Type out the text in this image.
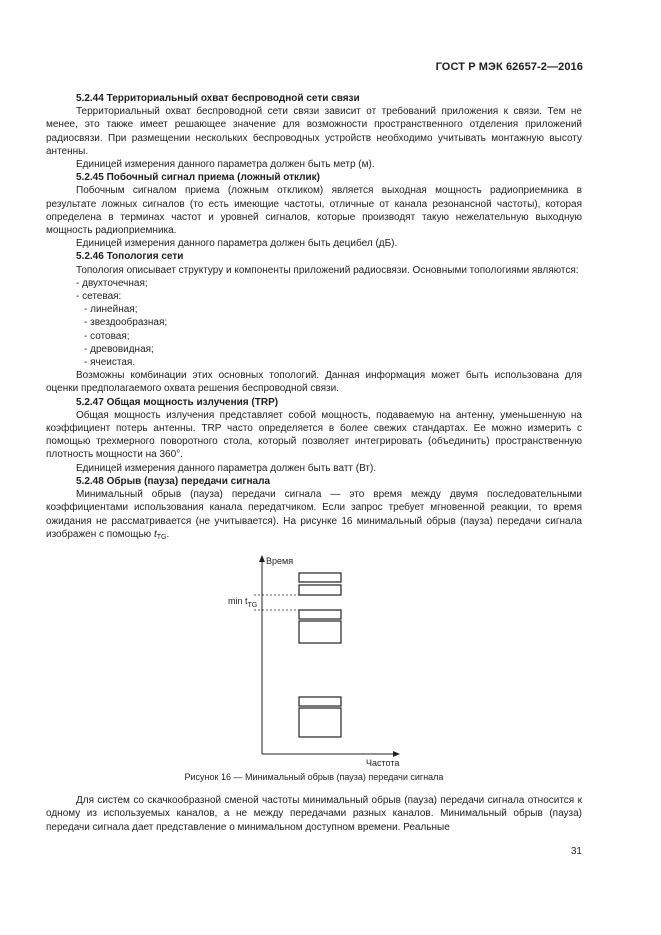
ГОСТ Р МЭК 62657-2—2016

5.2.44 Территориальный охват беспроводной сети связи

Территориальный охват беспроводной сети связи зависит от требований приложения к связи. Тем не менее, это также имеет решающее значение для возможности пространственного отделения приложений радиосвязи. При размещении нескольких беспроводных устройств необходимо учитывать монтажную высоту антенны.

Единицей измерения данного параметра должен быть метр (м).

5.2.45 Побочный сигнал приема (ложный отклик)

Побочным сигналом приема (ложным откликом) является выходная мощность радиоприемника в результате ложных сигналов (то есть имеющие частоты, отличные от канала резонансной частоты), которая определена в терминах частот и уровней сигналов, которые производят такую нежелательную выходную мощность радиоприемника.

Единицей измерения данного параметра должен быть децибел (дБ).

5.2.46 Топология сети

Топология описывает структуру и компоненты приложений радиосвязи. Основными топологиями являются:

- двухточечная;

- сетевая:

- линейная;

- звездообразная;

- сотовая;

- древовидная;

- ячеистая.

Возможны комбинации этих основных топологий. Данная информация может быть использована для оценки предполагаемого охвата решения беспроводной связи.

5.2.47 Общая мощность излучения (TRP)

Общая мощность излучения представляет собой мощность, подаваемую на антенну, уменьшенную на коэффициент потерь антенны. TRP часто определяется в более свежих стандартах. Ее можно измерить с помощью трехмерного поворотного стола, который позволяет интегрировать (объединить) пространственную плотность мощности на 360°.

Единицей измерения данного параметра должен быть ватт (Вт).

5.2.48 Обрыв (пауза) передачи сигнала

Минимальный обрыв (пауза) передачи сигнала — это время между двумя последовательными коэффициентами использования канала передатчиком. Если запрос требует мгновенной реакции, то время ожидания не рассматривается (не учитывается). На рисунке 16 минимальный обрыв (пауза) передачи сигнала изображен с помощью $t_{TG}$.

Время
Частота
$\min t_{TG}$
Рисунок 16 — Минимальный обрыв (пауза) передачи сигнала

Для систем со скачкообразной сменой частоты минимальный обрыв (пауза) передачи сигнала относится к одному из используемых каналов, а не между передачами разных каналов. Минимальный обрыв (пауза) передачи сигнала дает представление о минимальном доступном времени. Реальные

31
